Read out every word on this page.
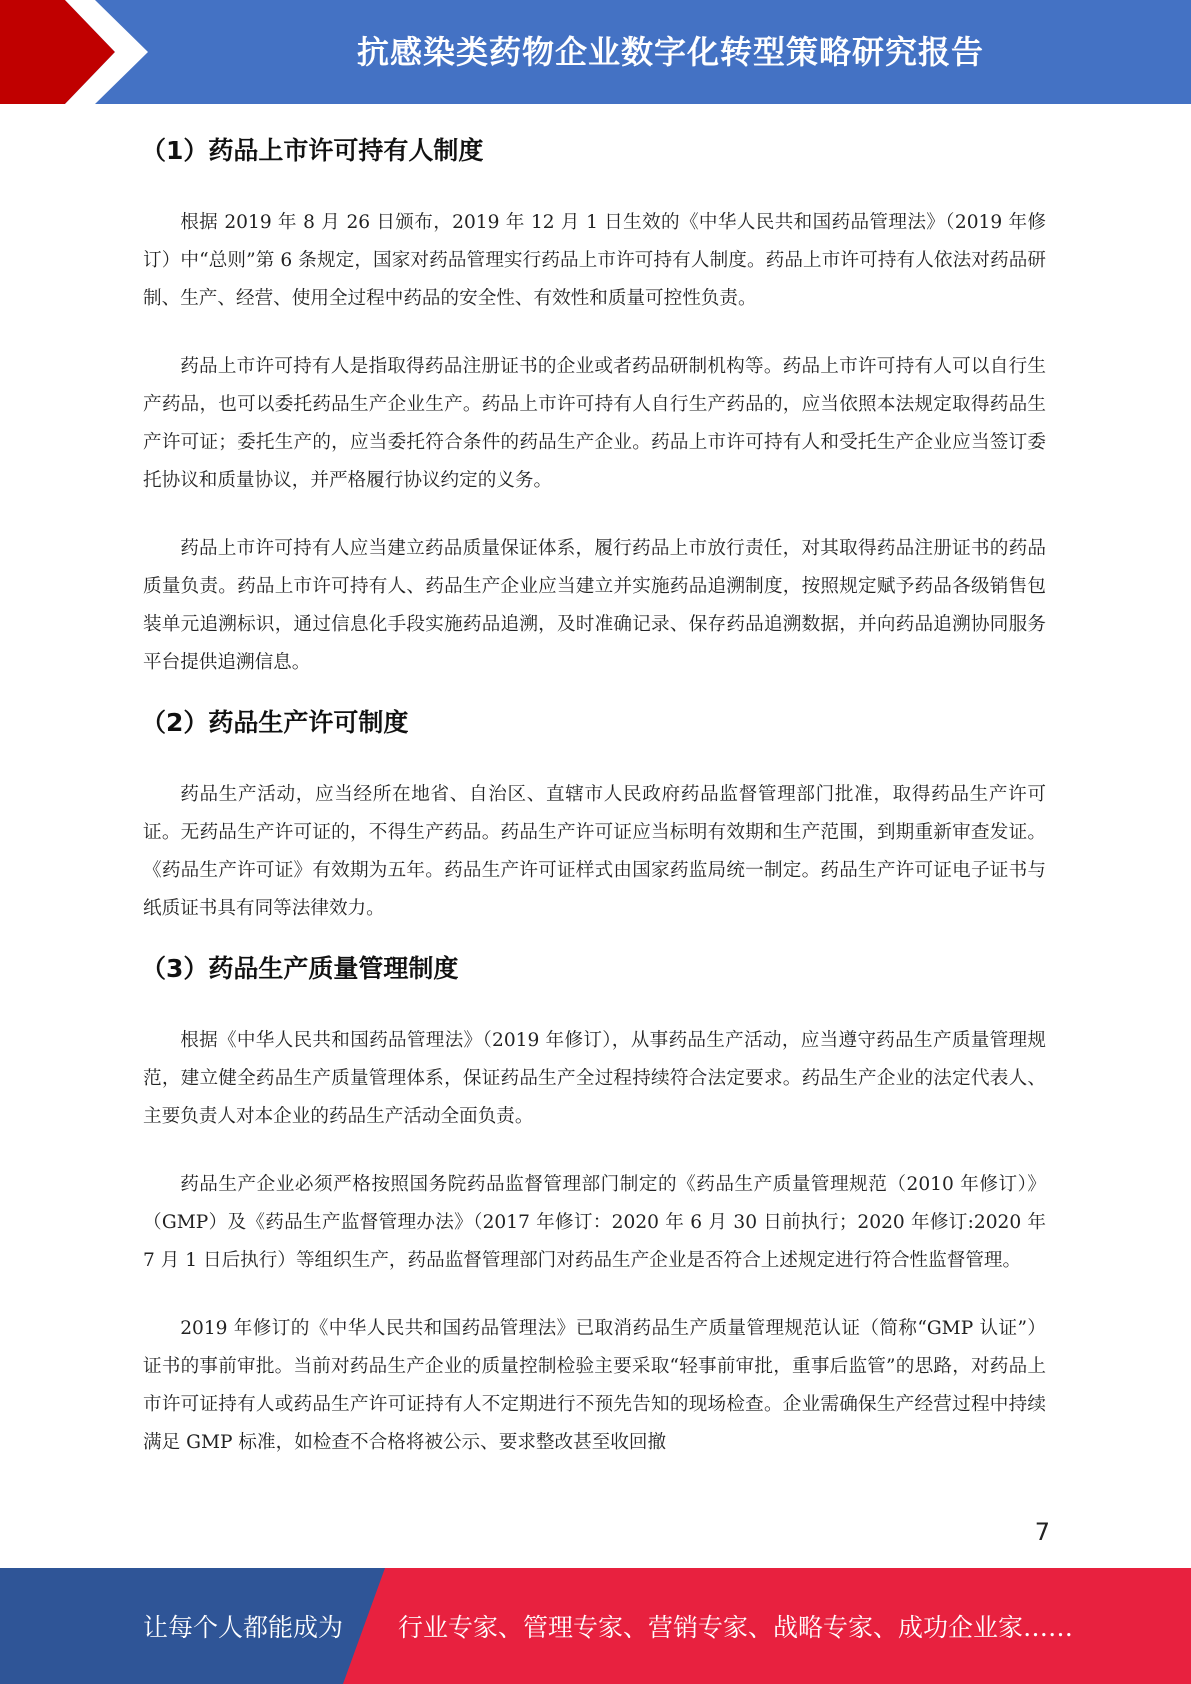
抗感染类药物企业数字化转型策略研究报告
（1）药品上市许可持有人制度

根据 2019 年 8 月 26 日颁布，2019 年 12 月 1 日生效的《中华人民共和国药品管理法》（2019 年修订）中“总则”第 6 条规定，国家对药品管理实行药品上市许可持有人制度。药品上市许可持有人依法对药品研制、生产、经营、使用全过程中药品的安全性、有效性和质量可控性负责。

药品上市许可持有人是指取得药品注册证书的企业或者药品研制机构等。药品上市许可持有人可以自行生产药品，也可以委托药品生产企业生产。药品上市许可持有人自行生产药品的，应当依照本法规定取得药品生产许可证；委托生产的，应当委托符合条件的药品生产企业。药品上市许可持有人和受托生产企业应当签订委托协议和质量协议，并严格履行协议约定的义务。

药品上市许可持有人应当建立药品质量保证体系，履行药品上市放行责任，对其取得药品注册证书的药品质量负责。药品上市许可持有人、药品生产企业应当建立并实施药品追溯制度，按照规定赋予药品各级销售包装单元追溯标识，通过信息化手段实施药品追溯，及时准确记录、保存药品追溯数据，并向药品追溯协同服务平台提供追溯信息。

（2）药品生产许可制度

药品生产活动，应当经所在地省、自治区、直辖市人民政府药品监督管理部门批准，取得药品生产许可证。无药品生产许可证的，不得生产药品。药品生产许可证应当标明有效期和生产范围，到期重新审查发证。《药品生产许可证》有效期为五年。药品生产许可证样式由国家药监局统一制定。药品生产许可证电子证书与纸质证书具有同等法律效力。

（3）药品生产质量管理制度

根据《中华人民共和国药品管理法》（2019 年修订），从事药品生产活动，应当遵守药品生产质量管理规范，建立健全药品生产质量管理体系，保证药品生产全过程持续符合法定要求。药品生产企业的法定代表人、主要负责人对本企业的药品生产活动全面负责。

药品生产企业必须严格按照国务院药品监督管理部门制定的《药品生产质量管理规范（2010 年修订）》（GMP）及《药品生产监督管理办法》（2017 年修订：2020 年 6 月 30 日前执行；2020 年修订:2020 年 7 月 1 日后执行）等组织生产，药品监督管理部门对药品生产企业是否符合上述规定进行符合性监督管理。

2019 年修订的《中华人民共和国药品管理法》已取消药品生产质量管理规范认证（简称“GMP 认证”）证书的事前审批。当前对药品生产企业的质量控制检验主要采取“轻事前审批，重事后监管”的思路，对药品上市许可证持有人或药品生产许可证持有人不定期进行不预先告知的现场检查。企业需确保生产经营过程中持续满足 GMP 标准，如检查不合格将被公示、要求整改甚至收回撤

7
让每个人都能成为 行业专家、管理专家、营销专家、战略专家、成功企业家……
